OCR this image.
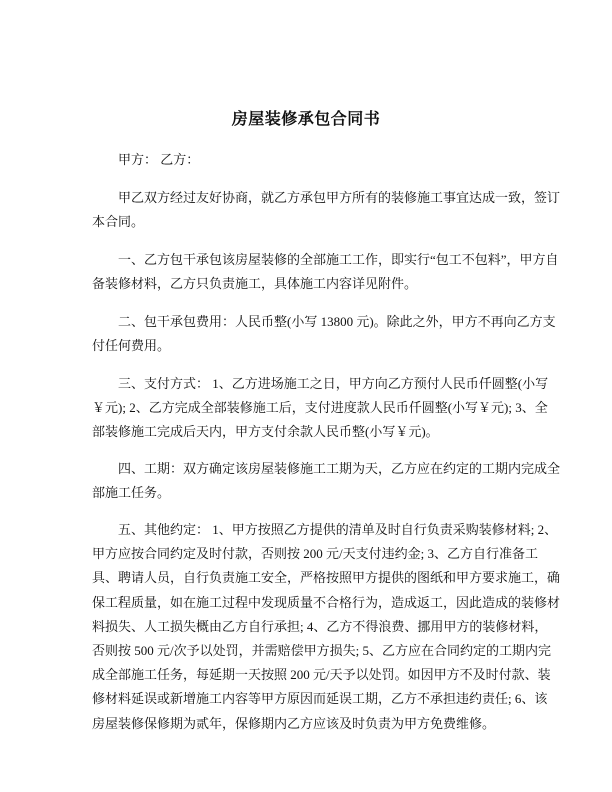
房屋装修承包合同书
甲方： 乙方：
甲乙双方经过友好协商，就乙方承包甲方所有的装修施工事宜达成一致，签订
本合同。
一、乙方包干承包该房屋装修的全部施工工作，即实行“包工不包料”，甲方自
备装修材料，乙方只负责施工，具体施工内容详见附件。
二、包干承包费用：人民币整(小写 13800 元)。除此之外，甲方不再向乙方支
付任何费用。
三、支付方式： 1、乙方进场施工之日，甲方向乙方预付人民币仟圆整(小写
￥元); 2、乙方完成全部装修施工后，支付进度款人民币仟圆整(小写￥元); 3、全
部装修施工完成后天内，甲方支付余款人民币整(小写￥元)。
四、工期：双方确定该房屋装修施工工期为天，乙方应在约定的工期内完成全
部施工任务。
五、其他约定： 1、甲方按照乙方提供的清单及时自行负责采购装修材料; 2、
甲方应按合同约定及时付款，否则按 200 元/天支付违约金; 3、乙方自行准备工
具、聘请人员，自行负责施工安全，严格按照甲方提供的图纸和甲方要求施工，确
保工程质量，如在施工过程中发现质量不合格行为，造成返工，因此造成的装修材
料损失、人工损失概由乙方自行承担; 4、乙方不得浪费、挪用甲方的装修材料，
否则按 500 元/次予以处罚，并需赔偿甲方损失; 5、乙方应在合同约定的工期内完
成全部施工任务，每延期一天按照 200 元/天予以处罚。如因甲方不及时付款、装
修材料延误或新增施工内容等甲方原因而延误工期，乙方不承担违约责任; 6、该
房屋装修保修期为贰年，保修期内乙方应该及时负责为甲方免费维修。
